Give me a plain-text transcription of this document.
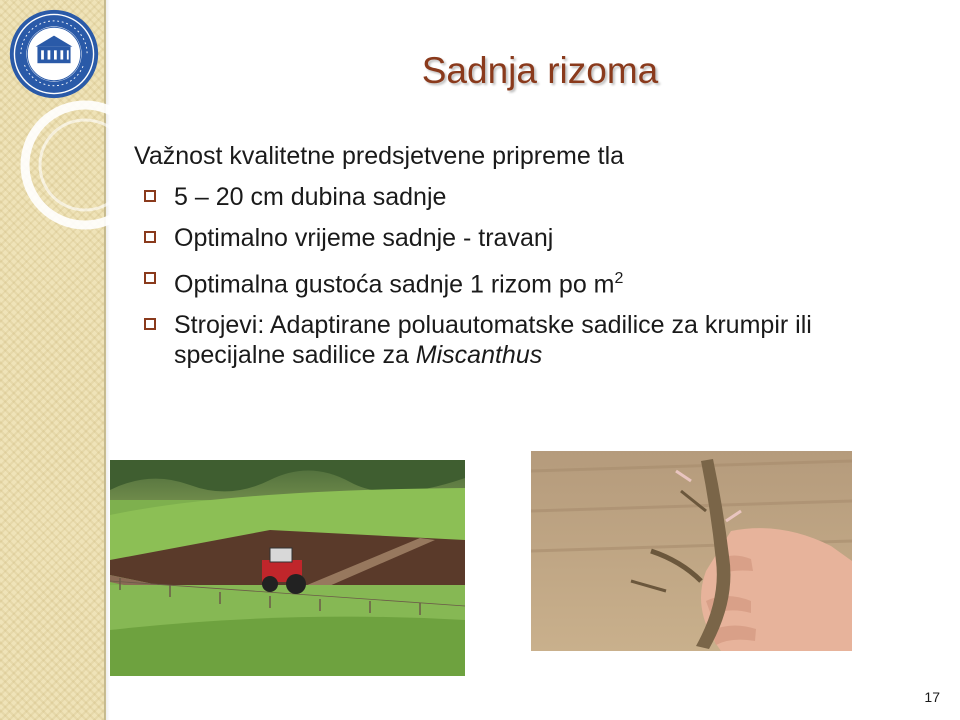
Sadnja rizoma
Važnost kvalitetne predsjetvene pripreme tla
5 – 20 cm dubina sadnje
Optimalno vrijeme sadnje - travanj
Optimalna gustoća sadnje 1 rizom po $m^2$
Strojevi: Adaptirane poluautomatske sadilice za krumpir ili specijalne sadilice za Miscanthus
17
